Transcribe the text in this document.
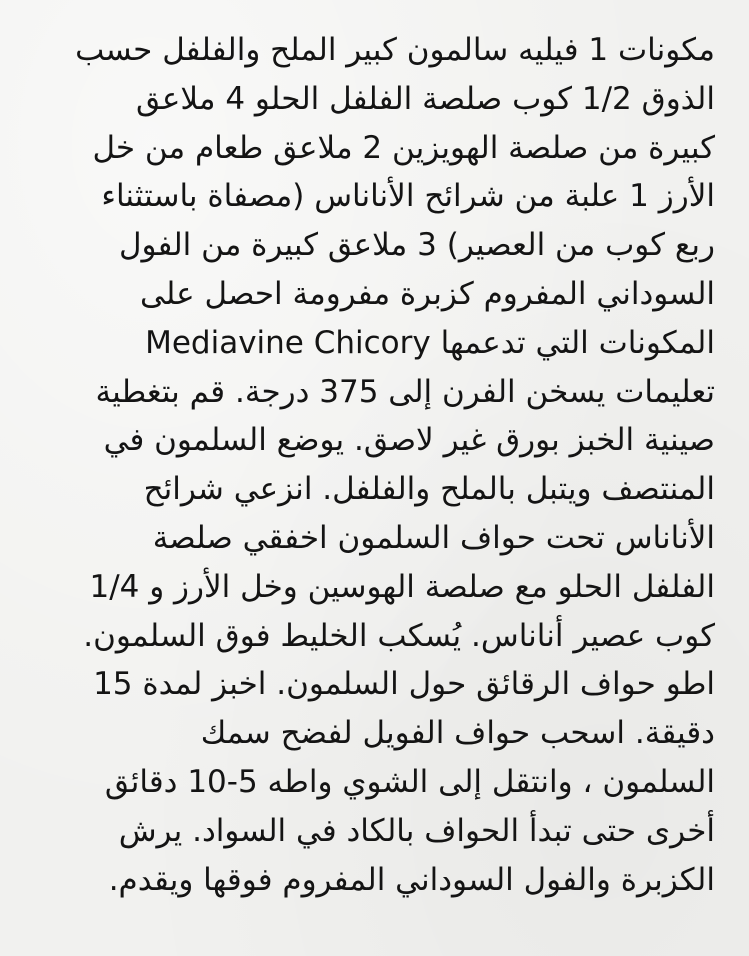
مكونات 1 فيليه سالمون كبير الملح والفلفل حسب
الذوق 1/2 كوب صلصة الفلفل الحلو 4 ملاعق
كبيرة من صلصة الهويزين 2 ملاعق طعام من خل
الأرز 1 علبة من شرائح الأناناس (مصفاة باستثناء
ربع كوب من العصير) 3 ملاعق كبيرة من الفول
السوداني المفروم كزبرة مفرومة احصل على
المكونات التي تدعمها Mediavine Chicory
تعليمات يسخن الفرن إلى 375 درجة. قم بتغطية
صينية الخبز بورق غير لاصق. يوضع السلمون في
المنتصف ويتبل بالملح والفلفل. انزعي شرائح
الأناناس تحت حواف السلمون اخفقي صلصة
الفلفل الحلو مع صلصة الهوسين وخل الأرز و 1/4
كوب عصير أناناس. يُسكب الخليط فوق السلمون.
اطو حواف الرقائق حول السلمون. اخبز لمدة 15
دقيقة. اسحب حواف الفويل لفضح سمك
السلمون ، وانتقل إلى الشوي واطه 5-10 دقائق
أخرى حتى تبدأ الحواف بالكاد في السواد. يرش
الكزبرة والفول السوداني المفروم فوقها ويقدم.
